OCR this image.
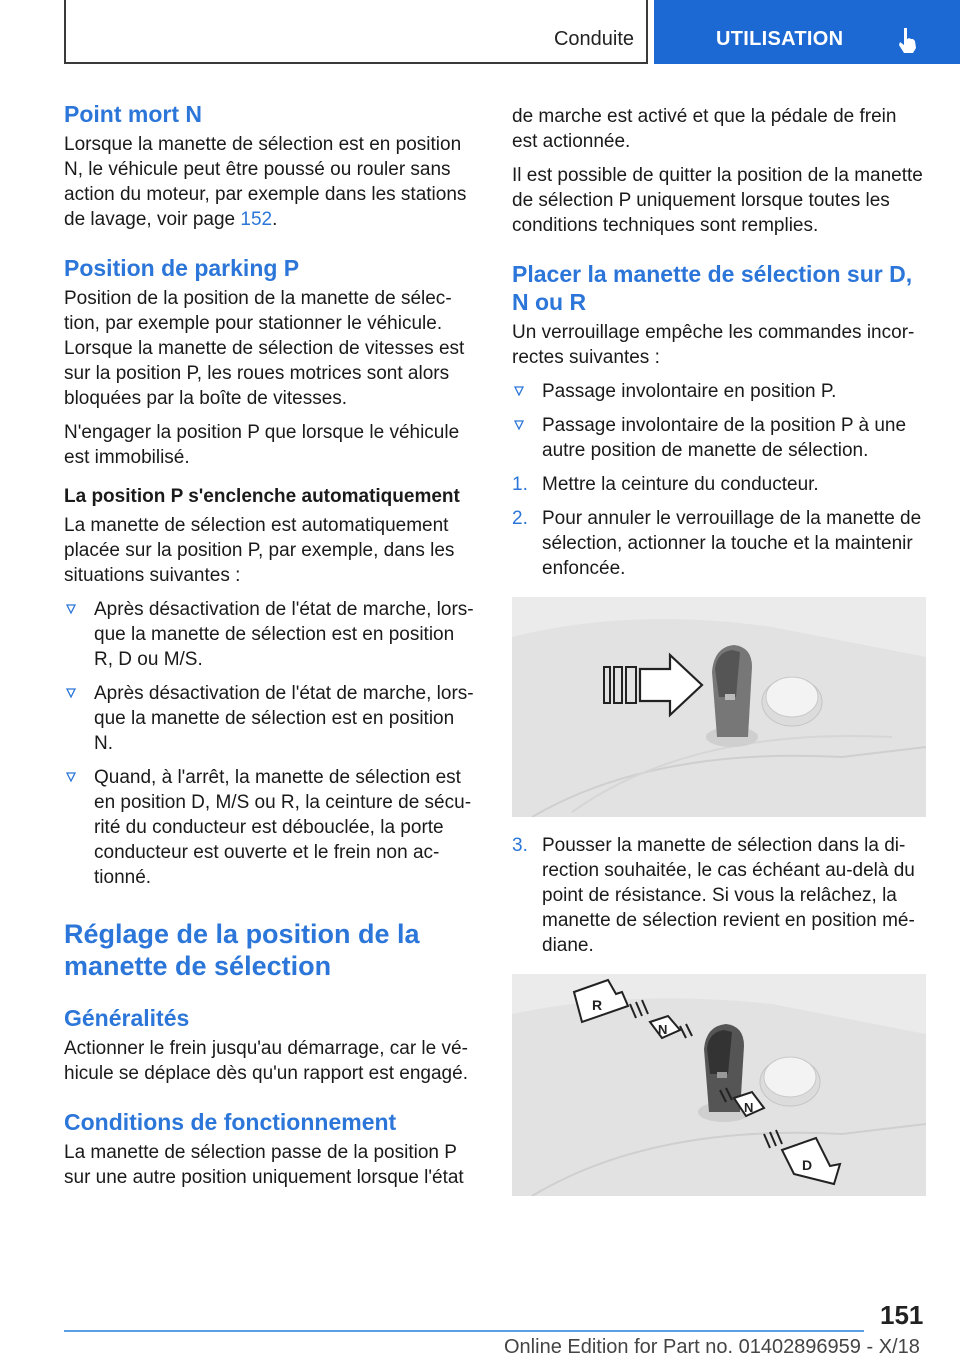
Conduite	UTILISATION
Point mort N

Lorsque la manette de sélection est en position N, le véhicule peut être poussé ou rouler sans action du moteur, par exemple dans les stations de lavage, voir page 152.

Position de parking P

Position de la position de la manette de sélection, par exemple pour stationner le véhicule. Lorsque la manette de sélection de vitesses est sur la position P, les roues motrices sont alors bloquées par la boîte de vitesses.

N'engager la position P que lorsque le véhicule est immobilisé.

La position P s'enclenche automatiquement

La manette de sélection est automatiquement placée sur la position P, par exemple, dans les situations suivantes :

Après désactivation de l'état de marche, lorsque la manette de sélection est en position R, D ou M/S.
Après désactivation de l'état de marche, lorsque la manette de sélection est en position N.
Quand, à l'arrêt, la manette de sélection est en position D, M/S ou R, la ceinture de sécurité du conducteur est débouclée, la porte conducteur est ouverte et le frein non actionné.
Réglage de la position de la manette de sélection
Généralités

Actionner le frein jusqu'au démarrage, car le véhicule se déplace dès qu'un rapport est engagé.

Conditions de fonctionnement

La manette de sélection passe de la position P sur une autre position uniquement lorsque l'état

de marche est activé et que la pédale de frein est actionnée.

Il est possible de quitter la position de la manette de sélection P uniquement lorsque toutes les conditions techniques sont remplies.

Placer la manette de sélection sur D, N ou R

Un verrouillage empêche les commandes incorrectes suivantes :

Passage involontaire en position P.
Passage involontaire de la position P à une autre position de manette de sélection.
1. Mettre la ceinture du conducteur.
2. Pour annuler le verrouillage de la manette de sélection, actionner la touche et la maintenir enfoncée.
3. Pousser la manette de sélection dans la direction souhaitée, le cas échéant au-delà du point de résistance. Si vous la relâchez, la manette de sélection revient en position médiane.
R
N
N
D
151
Online Edition for Part no. 01402896959 - X/18
